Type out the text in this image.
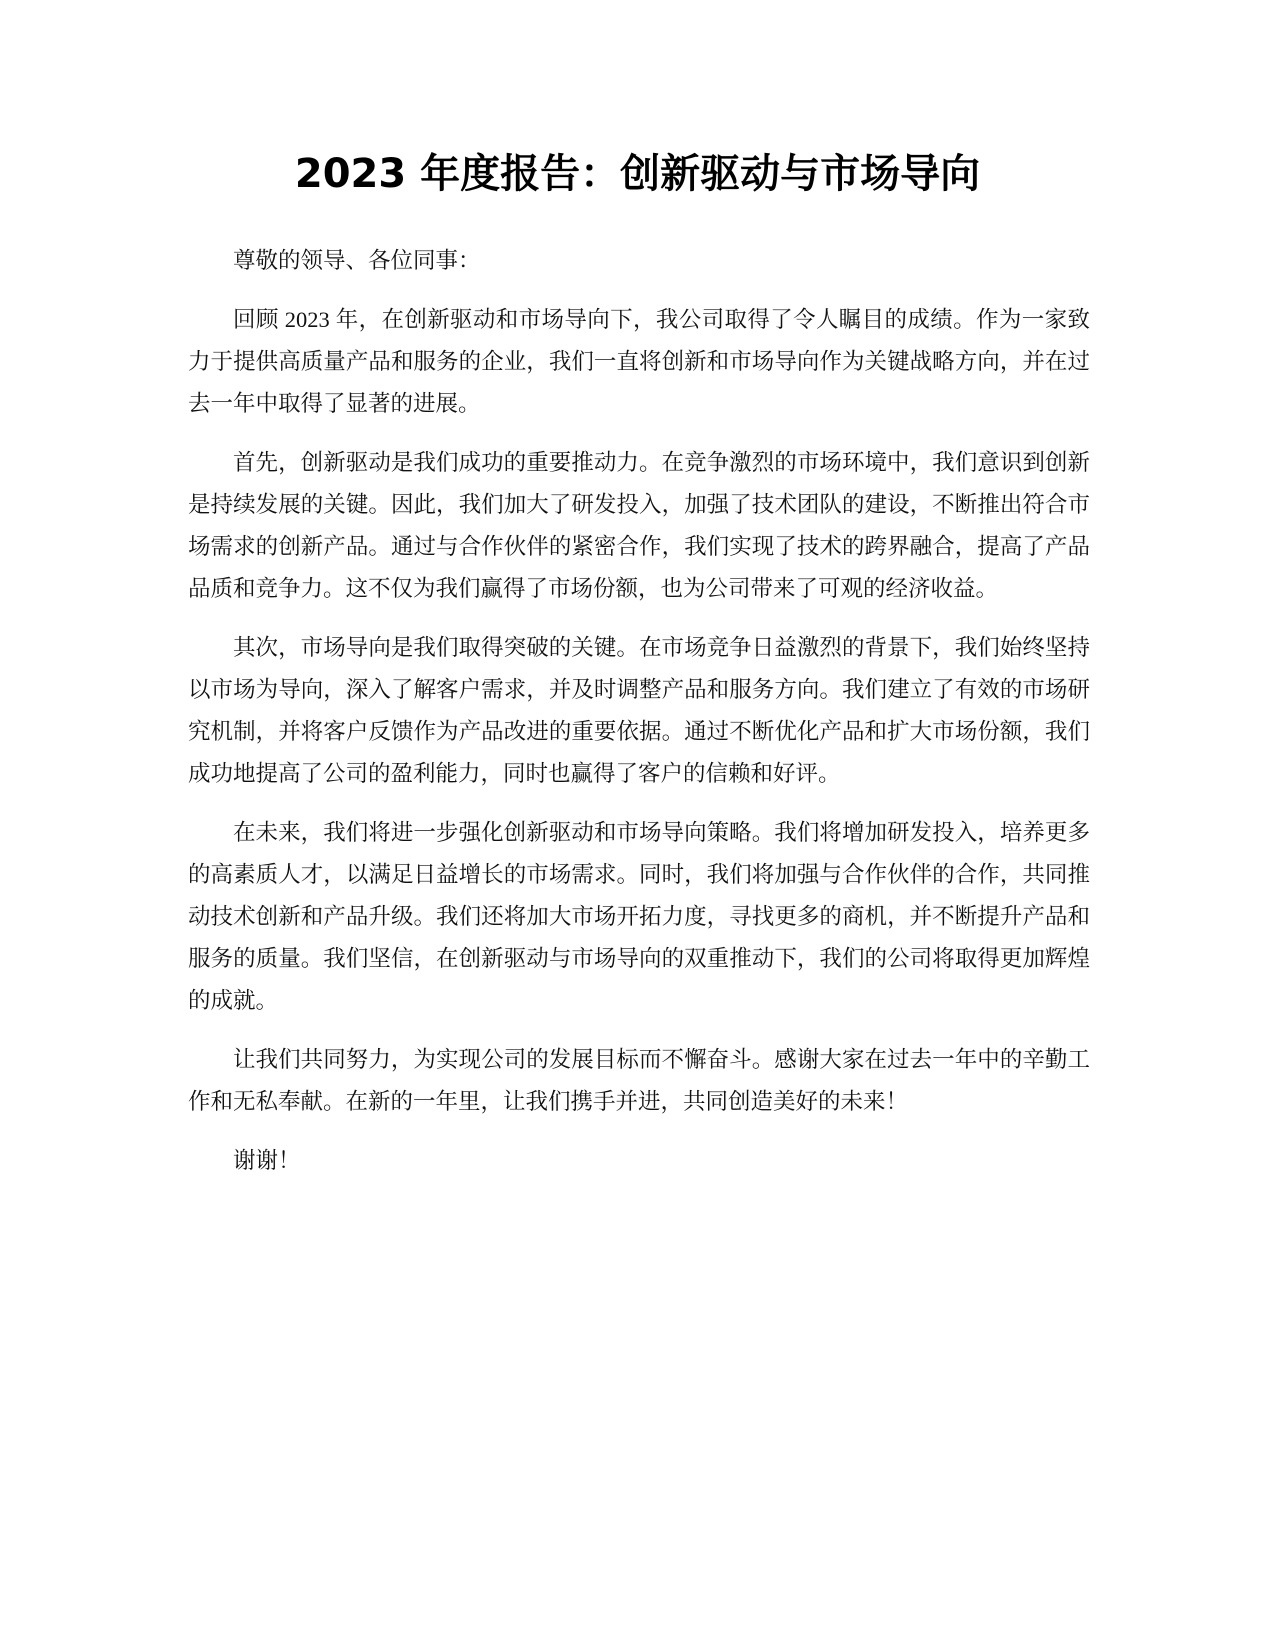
2023 年度报告：创新驱动与市场导向

尊敬的领导、各位同事：

回顾 2023 年，在创新驱动和市场导向下，我公司取得了令人瞩目的成绩。作为一家致力于提供高质量产品和服务的企业，我们一直将创新和市场导向作为关键战略方向，并在过去一年中取得了显著的进展。

首先，创新驱动是我们成功的重要推动力。在竞争激烈的市场环境中，我们意识到创新是持续发展的关键。因此，我们加大了研发投入，加强了技术团队的建设，不断推出符合市场需求的创新产品。通过与合作伙伴的紧密合作，我们实现了技术的跨界融合，提高了产品品质和竞争力。这不仅为我们赢得了市场份额，也为公司带来了可观的经济收益。

其次，市场导向是我们取得突破的关键。在市场竞争日益激烈的背景下，我们始终坚持以市场为导向，深入了解客户需求，并及时调整产品和服务方向。我们建立了有效的市场研究机制，并将客户反馈作为产品改进的重要依据。通过不断优化产品和扩大市场份额，我们成功地提高了公司的盈利能力，同时也赢得了客户的信赖和好评。

在未来，我们将进一步强化创新驱动和市场导向策略。我们将增加研发投入，培养更多的高素质人才，以满足日益增长的市场需求。同时，我们将加强与合作伙伴的合作，共同推动技术创新和产品升级。我们还将加大市场开拓力度，寻找更多的商机，并不断提升产品和服务的质量。我们坚信，在创新驱动与市场导向的双重推动下，我们的公司将取得更加辉煌的成就。

让我们共同努力，为实现公司的发展目标而不懈奋斗。感谢大家在过去一年中的辛勤工作和无私奉献。在新的一年里，让我们携手并进，共同创造美好的未来！

谢谢！
